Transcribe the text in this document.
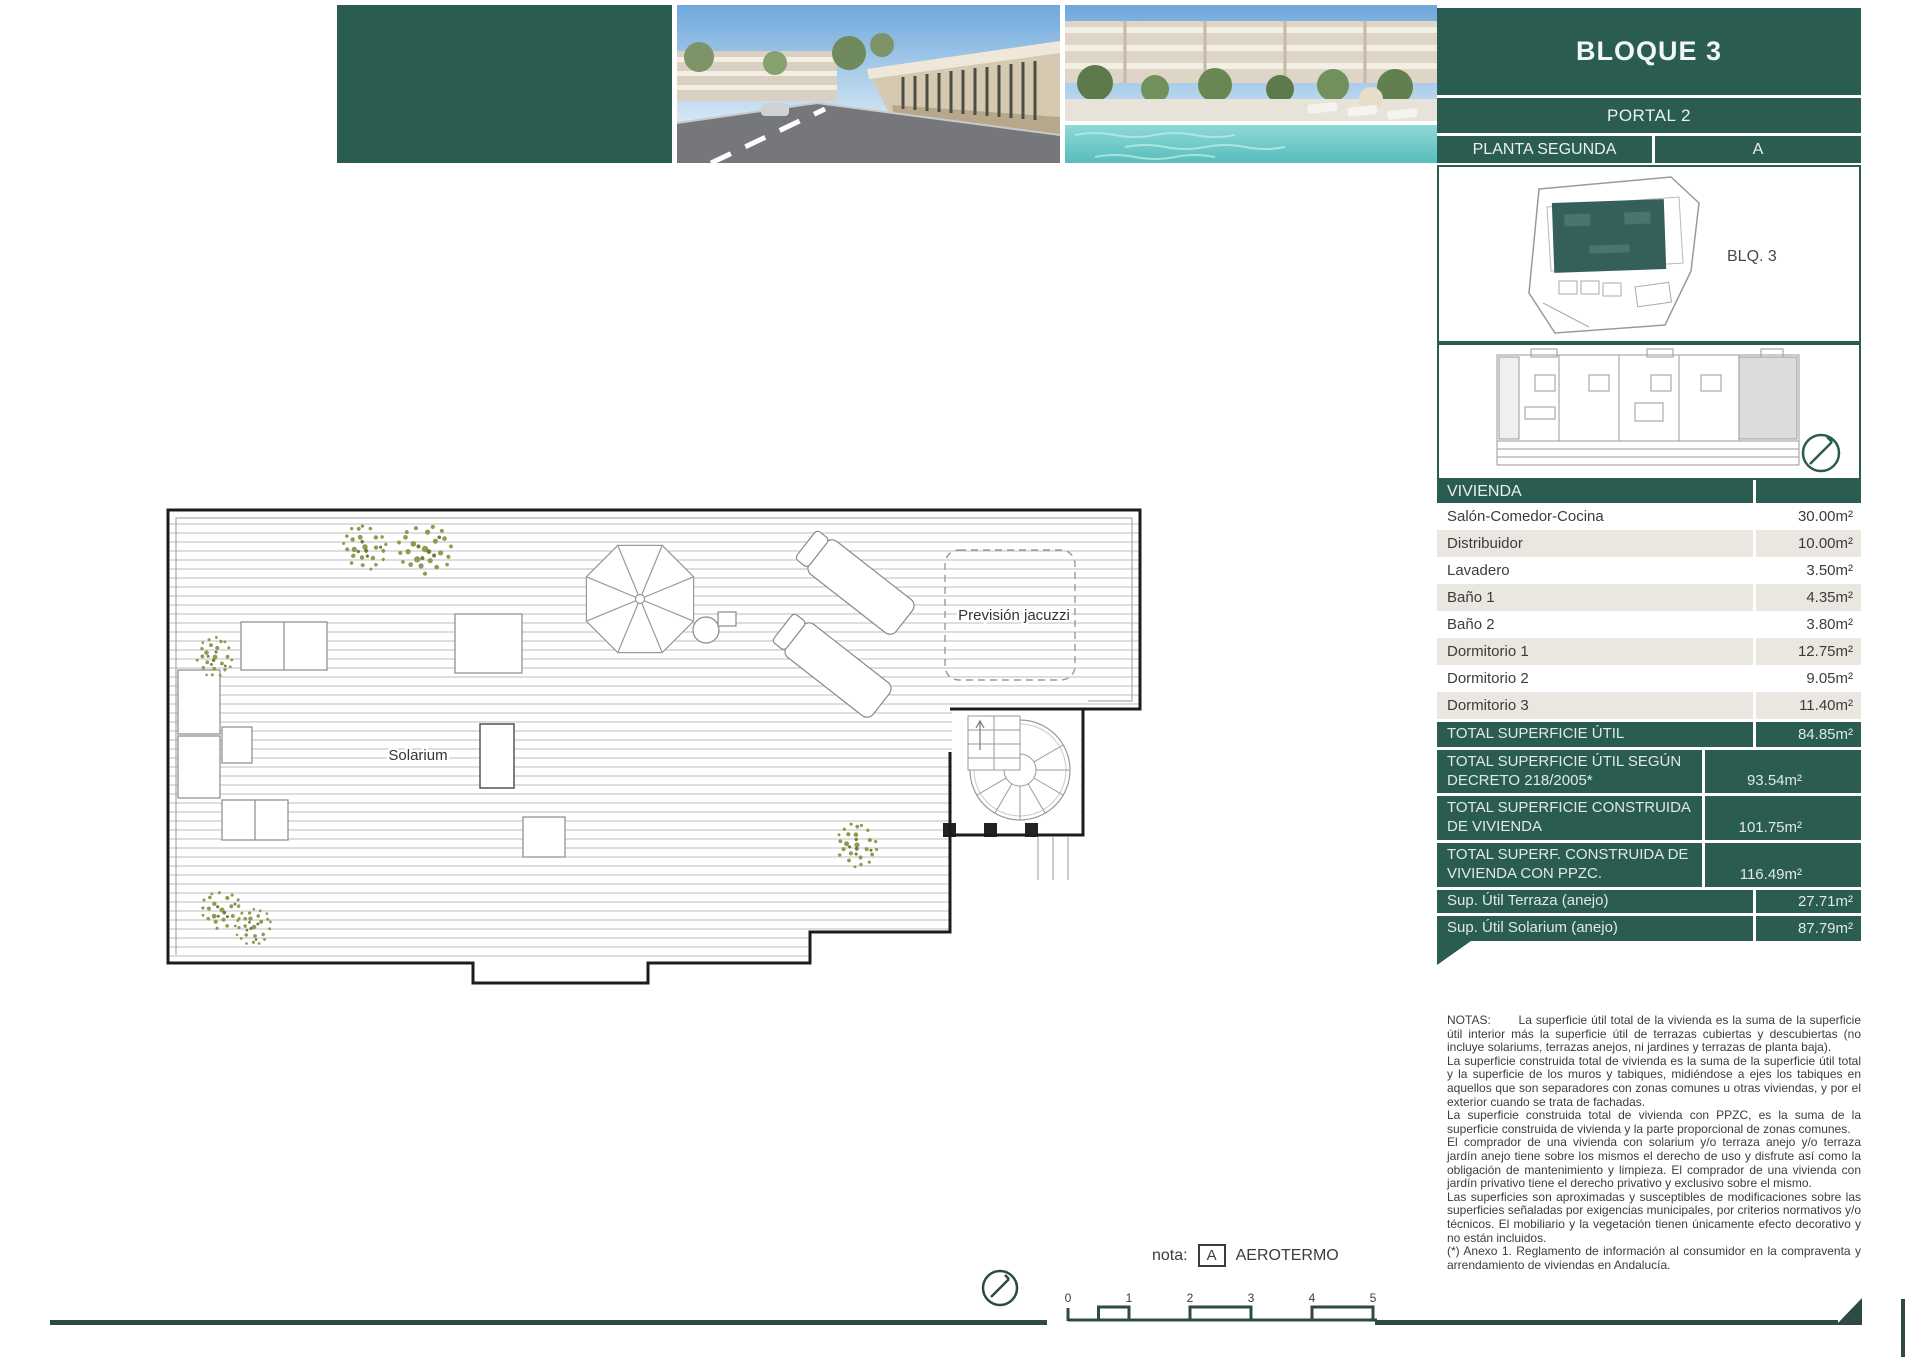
BLOQUE 3
PORTAL 2
PLANTA SEGUNDA	A
BLQ. 3
VIVIENDA
Salón-Comedor-Cocina	30.00m²
Distribuidor	10.00m²
Lavadero	3.50m²
Baño 1	4.35m²
Baño 2	3.80m²
Dormitorio 1	12.75m²
Dormitorio 2	9.05m²
Dormitorio 3	11.40m²
TOTAL SUPERFICIE ÚTIL	84.85m²
TOTAL SUPERFICIE ÚTIL SEGÚN DECRETO 218/2005*	93.54m²
TOTAL SUPERFICIE CONSTRUIDA DE VIVIENDA	101.75m²
TOTAL SUPERF. CONSTRUIDA DE VIVIENDA CON PPZC.	116.49m²
Sup. Útil Terraza (anejo)	27.71m²
Sup. Útil Solarium (anejo)	87.79m²
Solarium
Previsión jacuzzi

NOTAS:       La superficie útil total de la vivienda es la suma de la superficie útil interior más la superficie útil de terrazas cubiertas y descubiertas (no incluye solariums, terrazas anejos, ni jardines y terrazas de planta baja).

La superficie construida total de vivienda es la suma de la superficie útil total y la superficie de los muros y tabiques, midiéndose a ejes los tabiques en aquellos que son separadores con zonas comunes u otras viviendas, y por el exterior cuando se trata de fachadas.

La superficie construida total de vivienda con PPZC, es la suma de la superficie construida de vivienda y la parte proporcional de zonas comunes.

El comprador de una vivienda con solarium y/o terraza anejo y/o terraza jardín anejo tiene sobre los mismos el derecho de uso y disfrute así como la obligación de mantenimiento y limpieza. El comprador de una vivienda con jardín privativo tiene el derecho privativo y exclusivo sobre el mismo.

Las superficies son aproximadas y susceptibles de modificaciones sobre las superficies señaladas por exigencias municipales, por criterios normativos y/o técnicos. El mobiliario y la vegetación tienen únicamente efecto decorativo y no están incluidos.

(*) Anexo 1. Reglamento de información al consumidor en la compraventa y arrendamiento de viviendas en Andalucía.

nota:	A	AEROTERMO
0	1	2	3	4	5
